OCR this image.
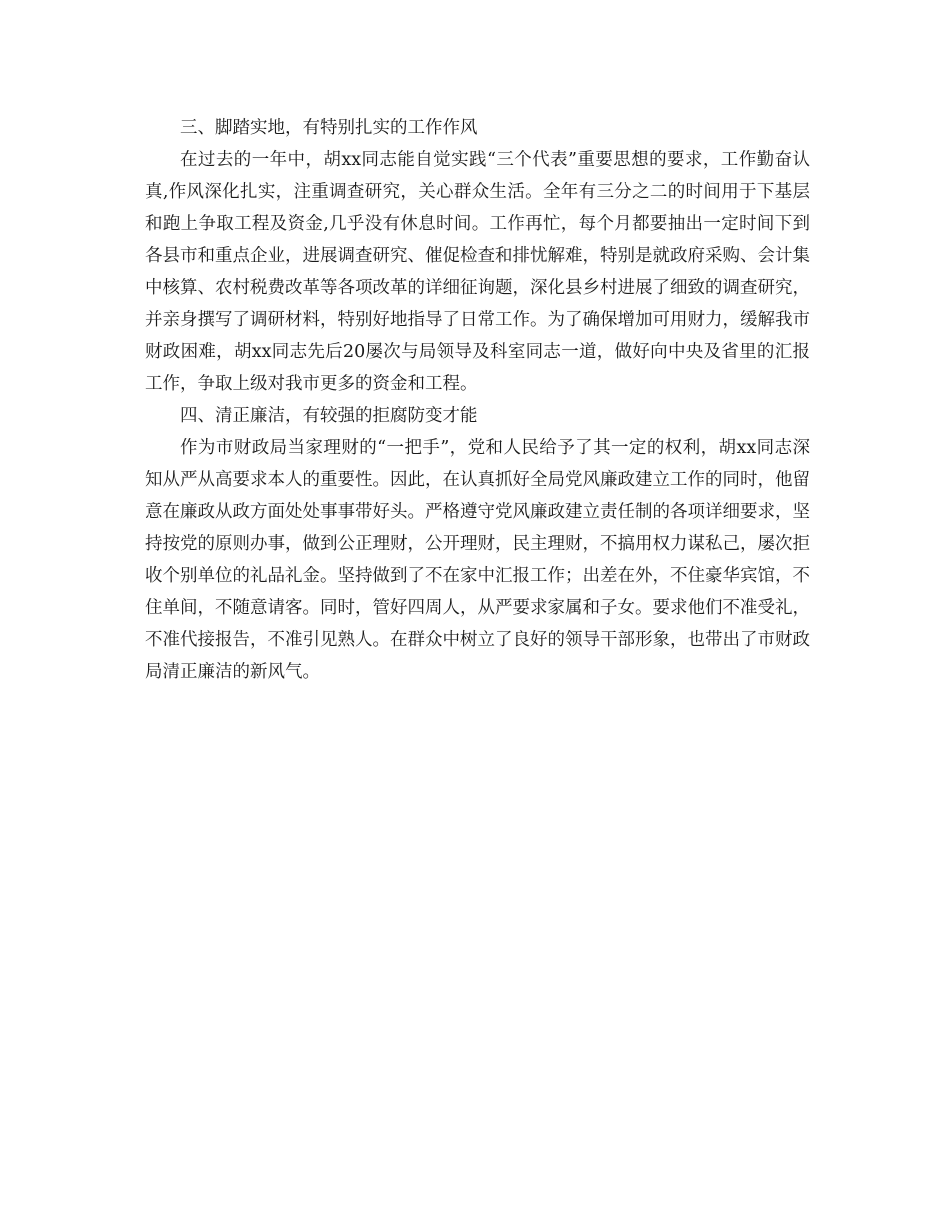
三、脚踏实地，有特别扎实的工作作风

在过去的一年中，胡xx同志能自觉实践“三个代表”重要思想的要求，工作勤奋认真,作风深化扎实，注重调查研究，关心群众生活。全年有三分之二的时间用于下基层和跑上争取工程及资金,几乎没有休息时间。工作再忙，每个月都要抽出一定时间下到各县市和重点企业，进展调查研究、催促检查和排忧解难，特别是就政府采购、会计集中核算、农村税费改革等各项改革的详细征询题，深化县乡村进展了细致的调查研究，并亲身撰写了调研材料，特别好地指导了日常工作。为了确保增加可用财力，缓解我市财政困难，胡xx同志先后20屡次与局领导及科室同志一道，做好向中央及省里的汇报工作，争取上级对我市更多的资金和工程。

四、清正廉洁，有较强的拒腐防变才能

作为市财政局当家理财的“一把手”，党和人民给予了其一定的权利，胡xx同志深知从严从高要求本人的重要性。因此，在认真抓好全局党风廉政建立工作的同时，他留意在廉政从政方面处处事事带好头。严格遵守党风廉政建立责任制的各项详细要求，坚持按党的原则办事，做到公正理财，公开理财，民主理财，不搞用权力谋私己，屡次拒收个别单位的礼品礼金。坚持做到了不在家中汇报工作；出差在外，不住豪华宾馆，不住单间，不随意请客。同时，管好四周人，从严要求家属和子女。要求他们不准受礼，不准代接报告，不准引见熟人。在群众中树立了良好的领导干部形象，也带出了市财政局清正廉洁的新风气。
